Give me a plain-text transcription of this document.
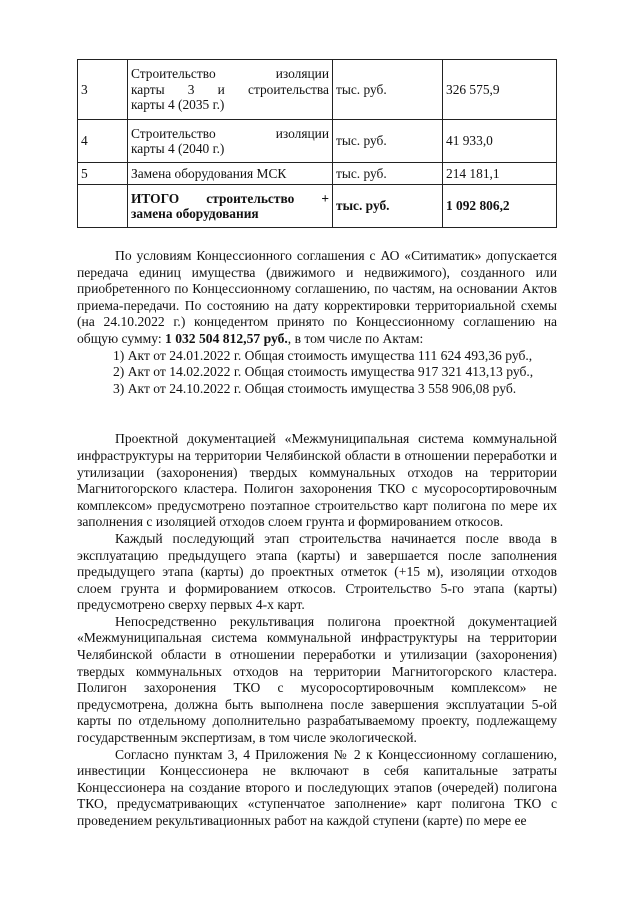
3	Строительство изоляции
карты 3 и строительства
карты 4 (2035 г.)	тыс. руб.	326 575,9
4	Строительство изоляции
карты 4 (2040 г.)	тыс. руб.	41 933,0
5	Замена оборудования МСК	тыс. руб.	214 181,1

	ИТОГО строительство +
замена оборудования	тыс. руб.	1 092 806,2

По условиям Концессионного соглашения с АО «Ситиматик» допускается передача единиц имущества (движимого и недвижимого), созданного или приобретенного по Концессионному соглашению, по частям, на основании Актов приема-передачи. По состоянию на дату корректировки территориальной схемы (на 24.10.2022 г.) концедентом принято по Концессионному соглашению на общую сумму: 1 032 504 812,57 руб., в том числе по Актам:

1) Акт от 24.01.2022 г. Общая стоимость имущества 111 624 493,36 руб.,

2) Акт от 14.02.2022 г. Общая стоимость имущества 917 321 413,13 руб.,

3) Акт от 24.10.2022 г. Общая стоимость имущества 3 558 906,08 руб.

Проектной документацией «Межмуниципальная система коммунальной инфраструктуры на территории Челябинской области в отношении переработки и утилизации (захоронения) твердых коммунальных отходов на территории Магнитогорского кластера. Полигон захоронения ТКО с мусоросортировочным комплексом» предусмотрено поэтапное строительство карт полигона по мере их заполнения с изоляцией отходов слоем грунта и формированием откосов.

Каждый последующий этап строительства начинается после ввода в эксплуатацию предыдущего этапа (карты) и завершается после заполнения предыдущего этапа (карты) до проектных отметок (+15 м), изоляции отходов слоем грунта и формированием откосов. Строительство 5-го этапа (карты) предусмотрено сверху первых 4-х карт.

Непосредственно рекультивация полигона проектной документацией «Межмуниципальная система коммунальной инфраструктуры на территории Челябинской области в отношении переработки и утилизации (захоронения) твердых коммунальных отходов на территории Магнитогорского кластера. Полигон захоронения ТКО с мусоросортировочным комплексом» не предусмотрена, должна быть выполнена после завершения эксплуатации 5-ой карты по отдельному дополнительно разрабатываемому проекту, подлежащему государственным экспертизам, в том числе экологической.

Согласно пунктам 3, 4 Приложения № 2 к Концессионному соглашению, инвестиции Концессионера не включают в себя капитальные затраты Концессионера на создание второго и последующих этапов (очередей) полигона ТКО, предусматривающих «ступенчатое заполнение» карт полигона ТКО с проведением рекультивационных работ на каждой ступени (карте) по мере ее
